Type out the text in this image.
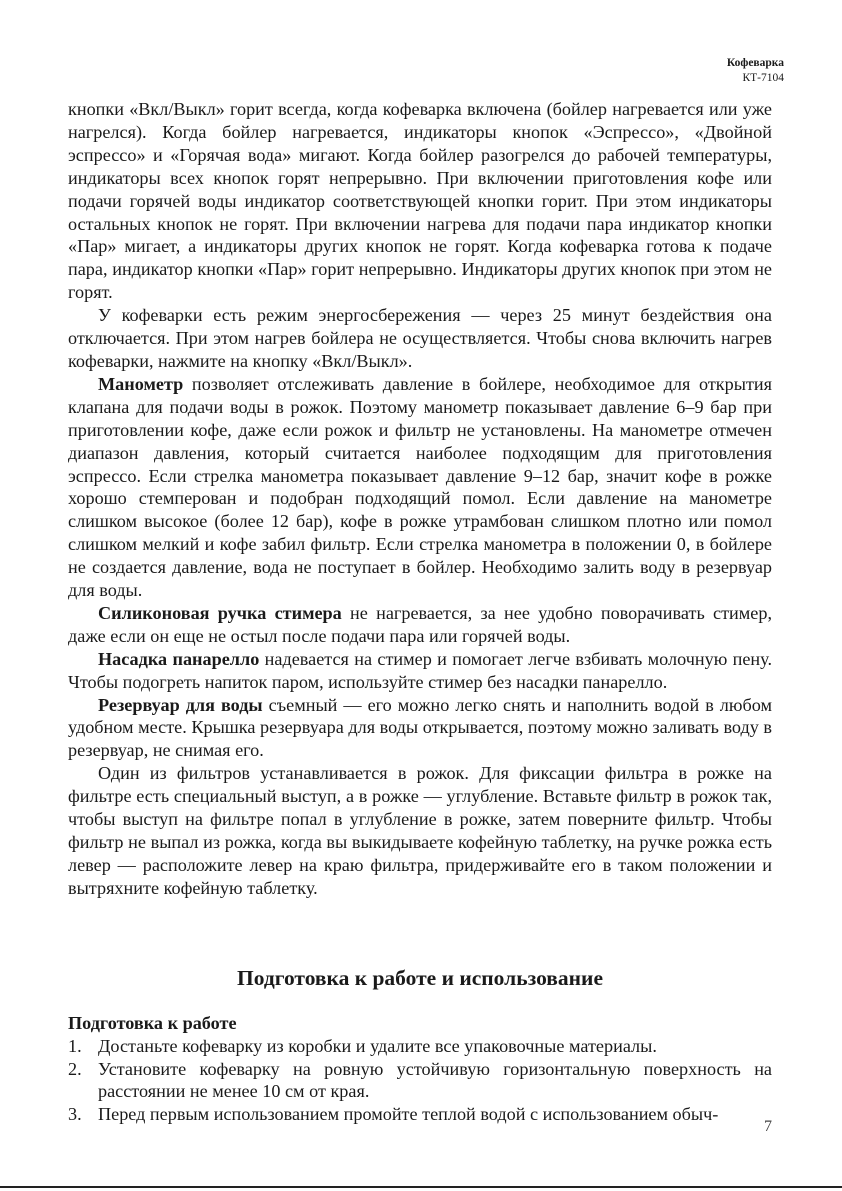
Кофеварка
КТ-7104

кнопки «Вкл/Выкл» горит всегда, когда кофеварка включена (бойлер нагревается или уже нагрелся). Когда бойлер нагревается, индикаторы кнопок «Эспрессо», «Двойной эспрессо» и «Горячая вода» мигают. Когда бойлер разогрелся до рабочей температуры, индикаторы всех кнопок горят непрерывно. При включении приготовления кофе или подачи горячей воды индикатор соответствующей кнопки горит. При этом индикаторы остальных кнопок не горят. При включении нагрева для подачи пара индикатор кнопки «Пар» мигает, а индикаторы других кнопок не горят. Когда кофеварка готова к подаче пара, индикатор кнопки «Пар» горит непрерывно. Индикаторы других кнопок при этом не горят.

У кофеварки есть режим энергосбережения — через 25 минут бездействия она отключается. При этом нагрев бойлера не осуществляется. Чтобы снова включить нагрев кофеварки, нажмите на кнопку «Вкл/Выкл».

Манометр позволяет отслеживать давление в бойлере, необходимое для открытия клапана для подачи воды в рожок. Поэтому манометр показывает давление 6–9 бар при приготовлении кофе, даже если рожок и фильтр не установлены. На манометре отмечен диапазон давления, который считается наиболее подходящим для приготовления эспрессо. Если стрелка манометра показывает давление 9–12 бар, значит кофе в рожке хорошо стемперован и подобран подходящий помол. Если давление на манометре слишком высокое (более 12 бар), кофе в рожке утрамбован слишком плотно или помол слишком мелкий и кофе забил фильтр. Если стрелка манометра в положении 0, в бойлере не создается давление, вода не поступает в бойлер. Необходимо залить воду в резервуар для воды.

Силиконовая ручка стимера не нагревается, за нее удобно поворачивать стимер, даже если он еще не остыл после подачи пара или горячей воды.

Насадка панарелло надевается на стимер и помогает легче взбивать молочную пену. Чтобы подогреть напиток паром, используйте стимер без насадки панарелло.

Резервуар для воды съемный — его можно легко снять и наполнить водой в любом удобном месте. Крышка резервуара для воды открывается, поэтому можно заливать воду в резервуар, не снимая его.

Один из фильтров устанавливается в рожок. Для фиксации фильтра в рожке на фильтре есть специальный выступ, а в рожке — углубление. Вставьте фильтр в рожок так, чтобы выступ на фильтре попал в углубление в рожке, затем поверните фильтр. Чтобы фильтр не выпал из рожка, когда вы выкидываете кофейную таблетку, на ручке рожка есть левер — расположите левер на краю фильтра, придерживайте его в таком положении и вытряхните кофейную таблетку.

Подготовка к работе и использование

Подготовка к работе

1. Достаньте кофеварку из коробки и удалите все упаковочные материалы.
2. Установите кофеварку на ровную устойчивую горизонтальную поверхность на расстоянии не менее 10 см от края.
3. Перед первым использованием промойте теплой водой с использованием обыч-
7
